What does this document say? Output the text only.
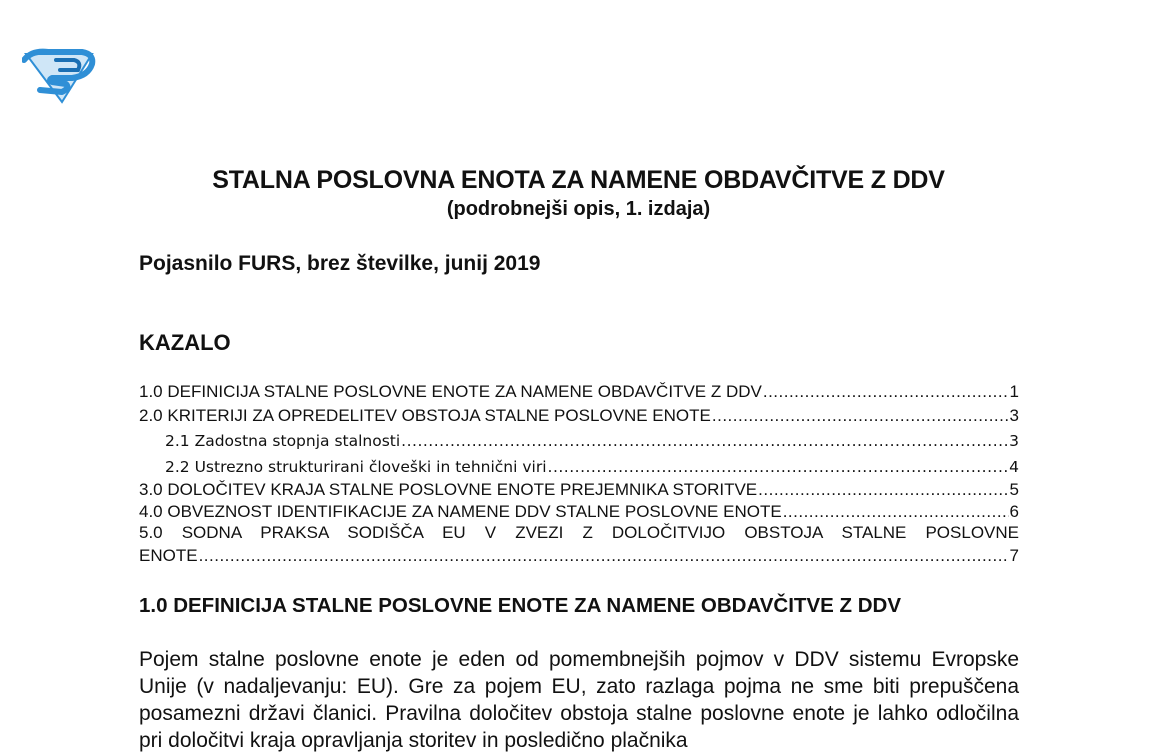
STALNA POSLOVNA ENOTA ZA NAMENE OBDAVČITVE Z DDV
(podrobnejši opis, 1. izdaja)
Pojasnilo FURS, brez številke, junij 2019
KAZALO
1.0 DEFINICIJA STALNE POSLOVNE ENOTE ZA NAMENE OBDAVČITVE Z DDV .....	1
2.0 KRITERIJI ZA OPREDELITEV OBSTOJA STALNE POSLOVNE ENOTE .....	3
2.1 Zadostna stopnja stalnosti .....	3
2.2 Ustrezno strukturirani človeški in tehnični viri .....	4
3.0 DOLOČITEV KRAJA STALNE POSLOVNE ENOTE PREJEMNIKA STORITVE .....	5
4.0 OBVEZNOST IDENTIFIKACIJE ZA NAMENE DDV STALNE POSLOVNE ENOTE .....	6
5.0 SODNA PRAKSA SODIŠČA EU V ZVEZI Z DOLOČITVIJO OBSTOJA STALNE POSLOVNE
ENOTE .....	7
1.0 DEFINICIJA STALNE POSLOVNE ENOTE ZA NAMENE OBDAVČITVE Z DDV
Pojem stalne poslovne enote je eden od pomembnejših pojmov v DDV sistemu Evropske Unije (v nadaljevanju: EU). Gre za pojem EU, zato razlaga pojma ne sme biti prepuščena posamezni državi članici. Pravilna določitev obstoja stalne poslovne enote je lahko odločilna pri določitvi kraja opravljanja storitev in posledično plačnika
